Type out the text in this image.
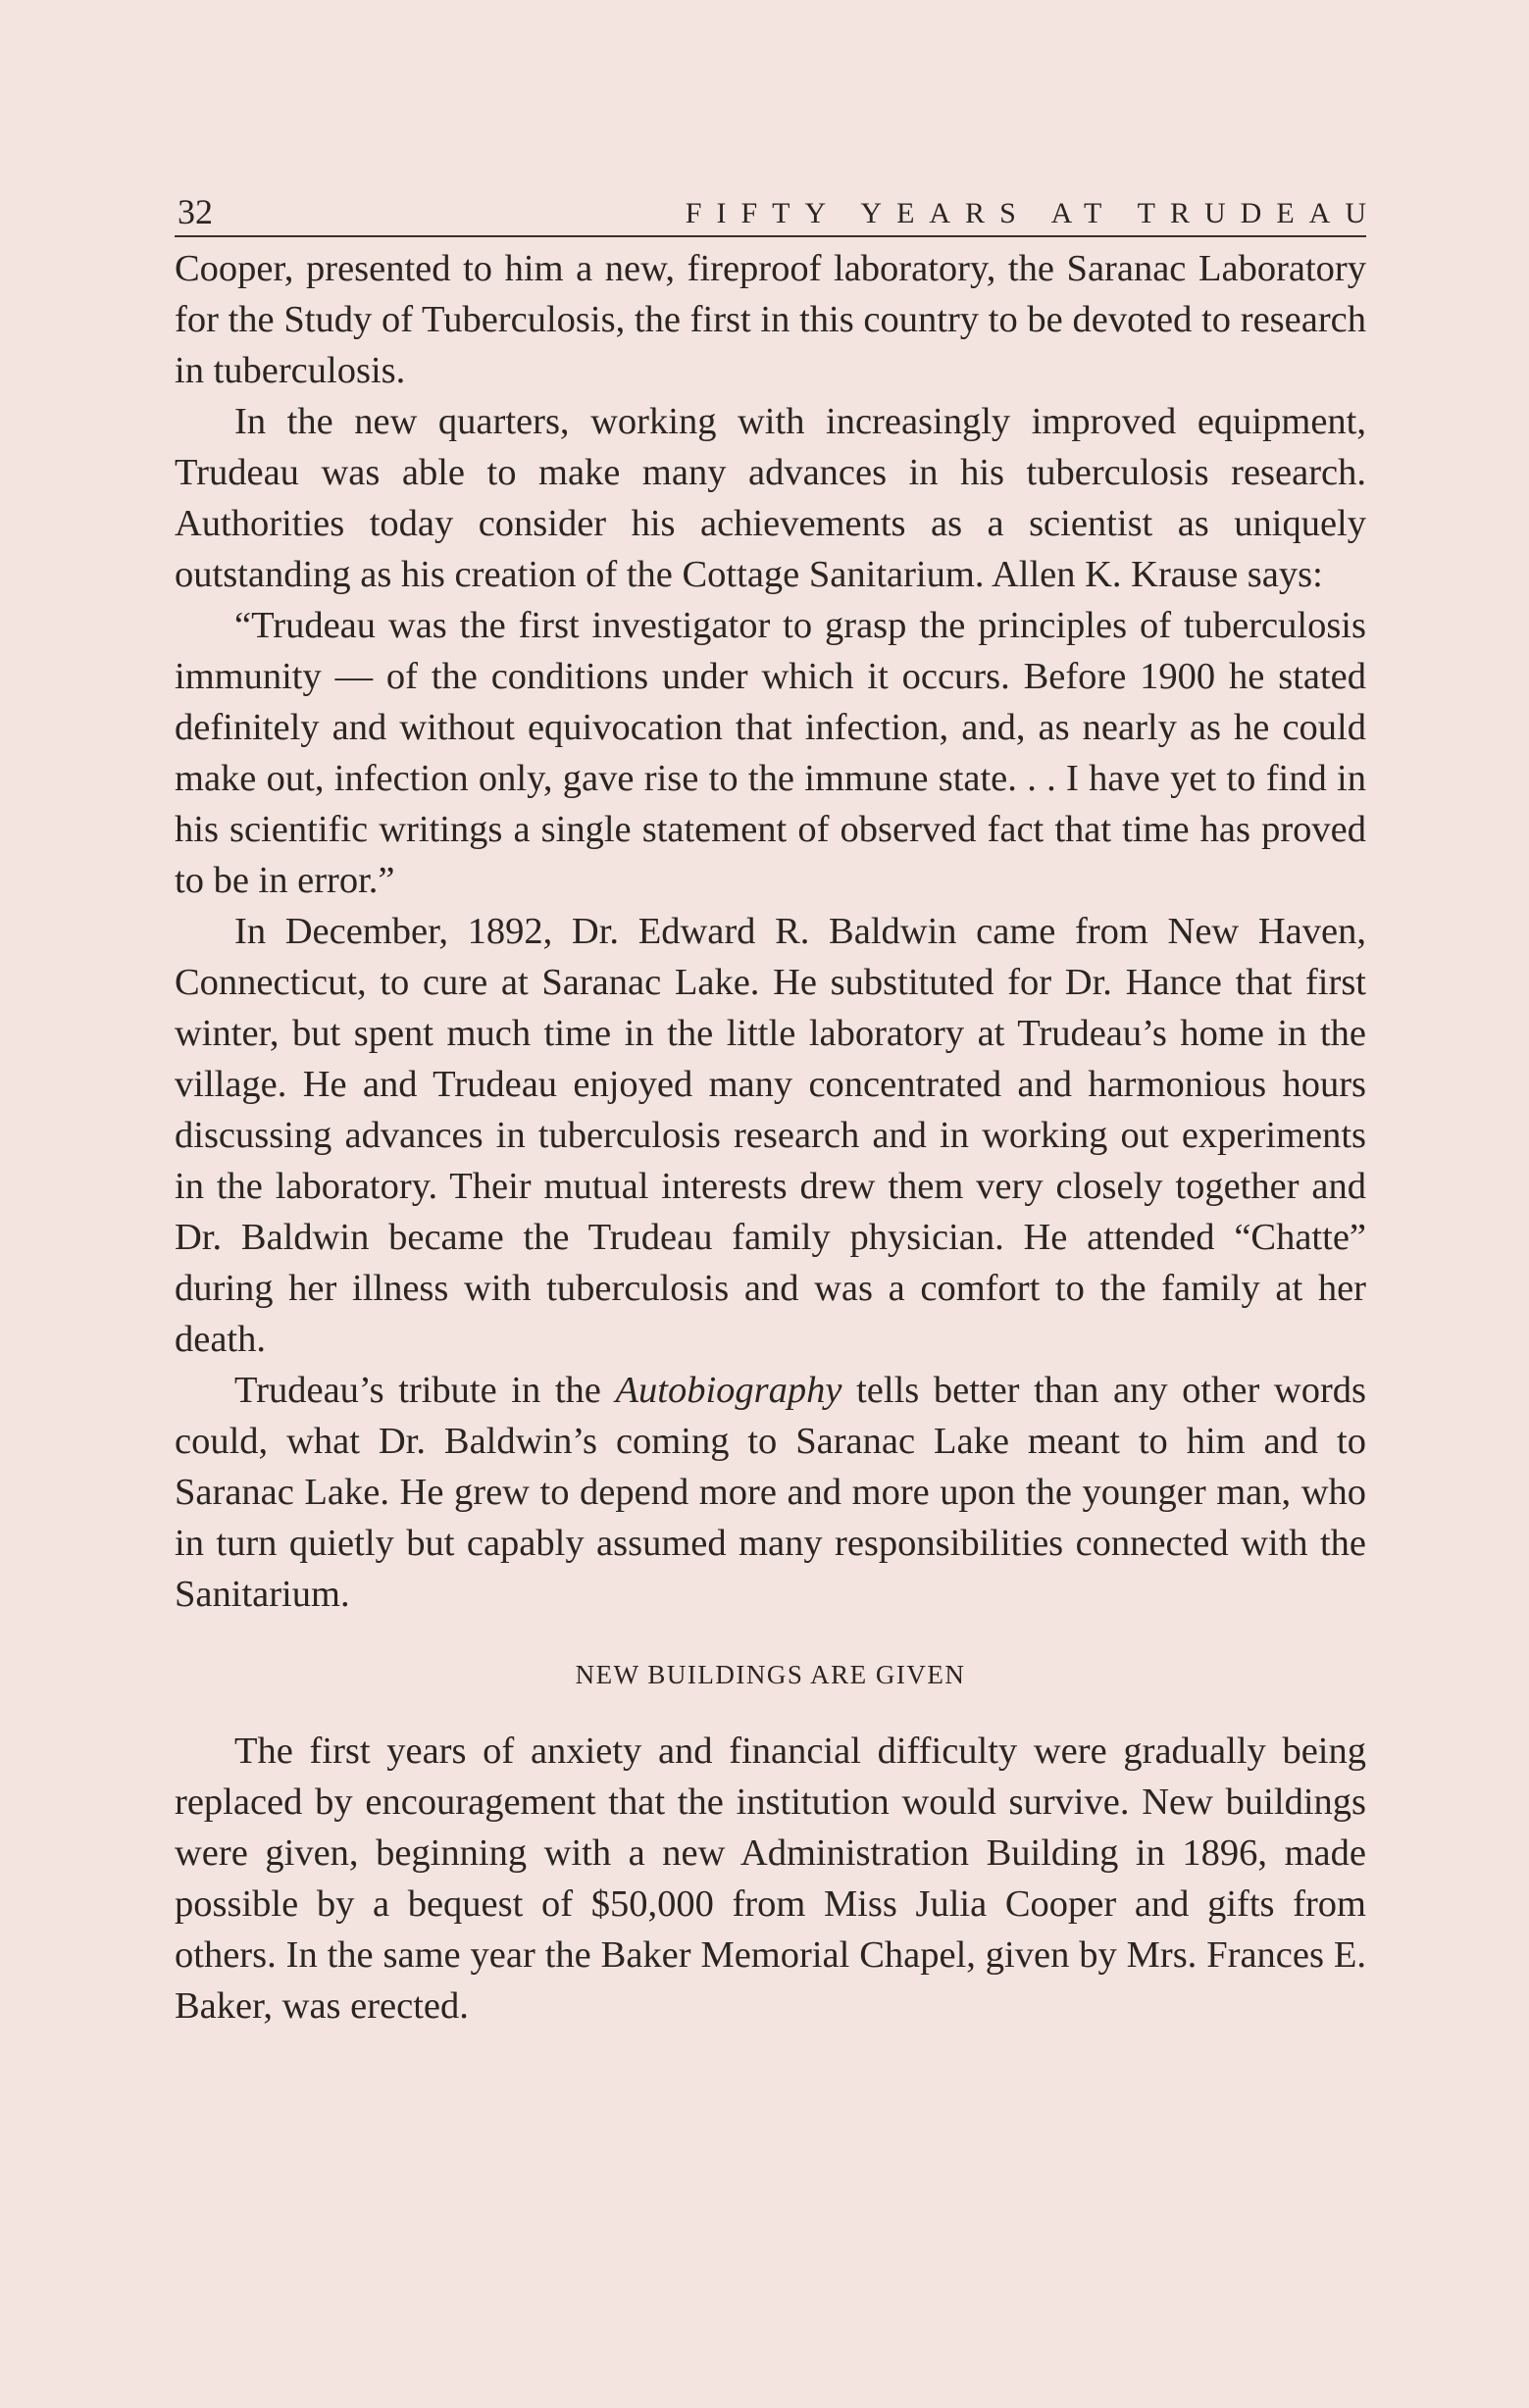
32	FIFTY YEARS AT TRUDEAU

Cooper, presented to him a new, fireproof laboratory, the Saranac Laboratory for the Study of Tuberculosis, the first in this country to be devoted to research in tuberculosis.

In the new quarters, working with increasingly improved equipment, Trudeau was able to make many advances in his tuberculosis research. Authorities today consider his achievements as a scientist as uniquely outstanding as his creation of the Cottage Sanitarium. Allen K. Krause says:

“Trudeau was the first investigator to grasp the principles of tuberculosis immunity — of the conditions under which it occurs. Before 1900 he stated definitely and without equivocation that infection, and, as nearly as he could make out, infection only, gave rise to the immune state. . . I have yet to find in his scientific writings a single statement of observed fact that time has proved to be in error.”

In December, 1892, Dr. Edward R. Baldwin came from New Haven, Connecticut, to cure at Saranac Lake. He substituted for Dr. Hance that first winter, but spent much time in the little laboratory at Trudeau’s home in the village. He and Trudeau enjoyed many concentrated and harmonious hours discussing advances in tuberculosis research and in working out experiments in the laboratory. Their mutual interests drew them very closely together and Dr. Baldwin became the Trudeau family physician. He attended “Chatte” during her illness with tuberculosis and was a comfort to the family at her death.

Trudeau’s tribute in the Autobiography tells better than any other words could, what Dr. Baldwin’s coming to Saranac Lake meant to him and to Saranac Lake. He grew to depend more and more upon the younger man, who in turn quietly but capably assumed many responsibilities connected with the Sanitarium.

NEW BUILDINGS ARE GIVEN

The first years of anxiety and financial difficulty were gradually being replaced by encouragement that the institution would survive. New buildings were given, beginning with a new Administration Building in 1896, made possible by a bequest of $50,000 from Miss Julia Cooper and gifts from others. In the same year the Baker Memorial Chapel, given by Mrs. Frances E. Baker, was erected.
